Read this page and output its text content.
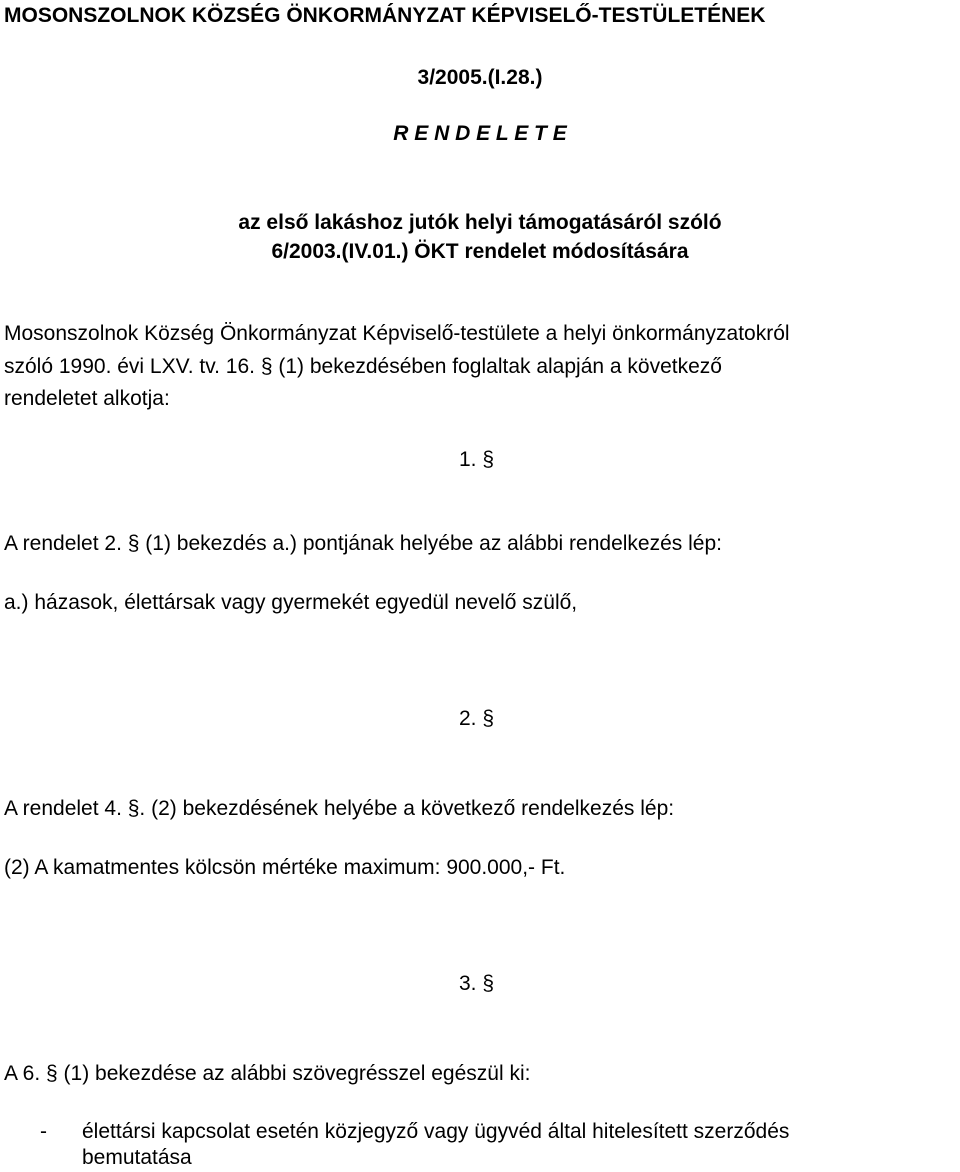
MOSONSZOLNOK KÖZSÉG ÖNKORMÁNYZAT KÉPVISELŐ-TESTÜLETÉNEK
3/2005.(I.28.)
R E N D E L E T E
az első lakáshoz jutók helyi támogatásáról szóló
6/2003.(IV.01.) ÖKT rendelet módosítására
Mosonszolnok Község Önkormányzat Képviselő-testülete a helyi önkormányzatokról
szóló 1990. évi LXV. tv. 16. § (1) bekezdésében foglaltak alapján a következő
rendeletet alkotja:
1. §
A rendelet 2. § (1) bekezdés a.) pontjának helyébe az alábbi rendelkezés lép:
a.) házasok, élettársak vagy gyermekét egyedül nevelő szülő,
2. §
A rendelet 4. §. (2) bekezdésének helyébe a következő rendelkezés lép:
(2) A kamatmentes kölcsön mértéke maximum: 900.000,- Ft.
3. §
A 6. § (1) bekezdése az alábbi szövegrésszel egészül ki:
- élettársi kapcsolat esetén közjegyző vagy ügyvéd által hitelesített szerződés
bemutatása
